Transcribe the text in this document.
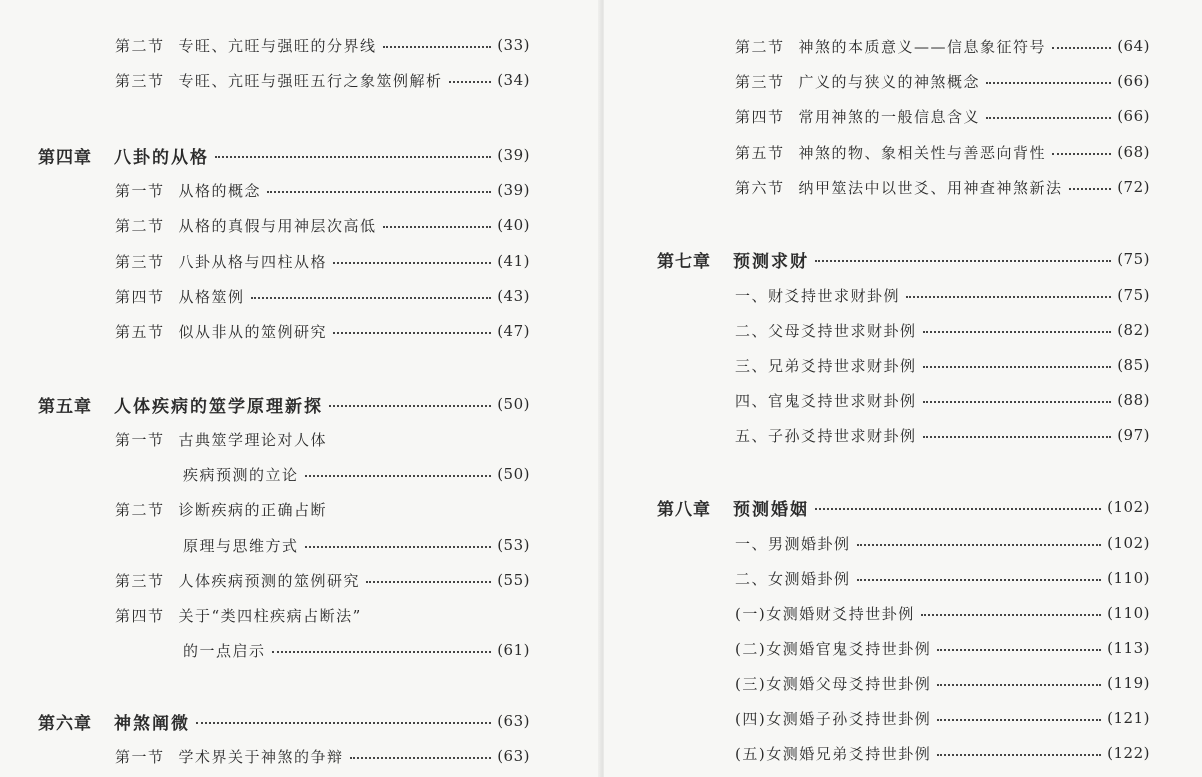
第二节 专旺、亢旺与强旺的分界线	(33)
第三节 专旺、亢旺与强旺五行之象筮例解析	(34)
第四章 八卦的从格	(39)
第一节 从格的概念	(39)
第二节 从格的真假与用神层次高低	(40)
第三节 八卦从格与四柱从格	(41)
第四节 从格筮例	(43)
第五节 似从非从的筮例研究	(47)
第五章 人体疾病的筮学原理新探	(50)
第一节 古典筮学理论对人体
疾病预测的立论	(50)
第二节 诊断疾病的正确占断
原理与思维方式	(53)
第三节 人体疾病预测的筮例研究	(55)
第四节 关于“类四柱疾病占断法”
的一点启示	(61)
第六章 神煞阐微	(63)
第一节 学术界关于神煞的争辩	(63)
第二节 神煞的本质意义——信息象征符号	(64)
第三节 广义的与狭义的神煞概念	(66)
第四节 常用神煞的一般信息含义	(66)
第五节 神煞的物、象相关性与善恶向背性	(68)
第六节 纳甲筮法中以世爻、用神查神煞新法	(72)
第七章 预测求财	(75)
一、财爻持世求财卦例	(75)
二、父母爻持世求财卦例	(82)
三、兄弟爻持世求财卦例	(85)
四、官鬼爻持世求财卦例	(88)
五、子孙爻持世求财卦例	(97)
第八章 预测婚姻	(102)
一、男测婚卦例	(102)
二、女测婚卦例	(110)
(一)女测婚财爻持世卦例	(110)
(二)女测婚官鬼爻持世卦例	(113)
(三)女测婚父母爻持世卦例	(119)
(四)女测婚子孙爻持世卦例	(121)
(五)女测婚兄弟爻持世卦例	(122)
